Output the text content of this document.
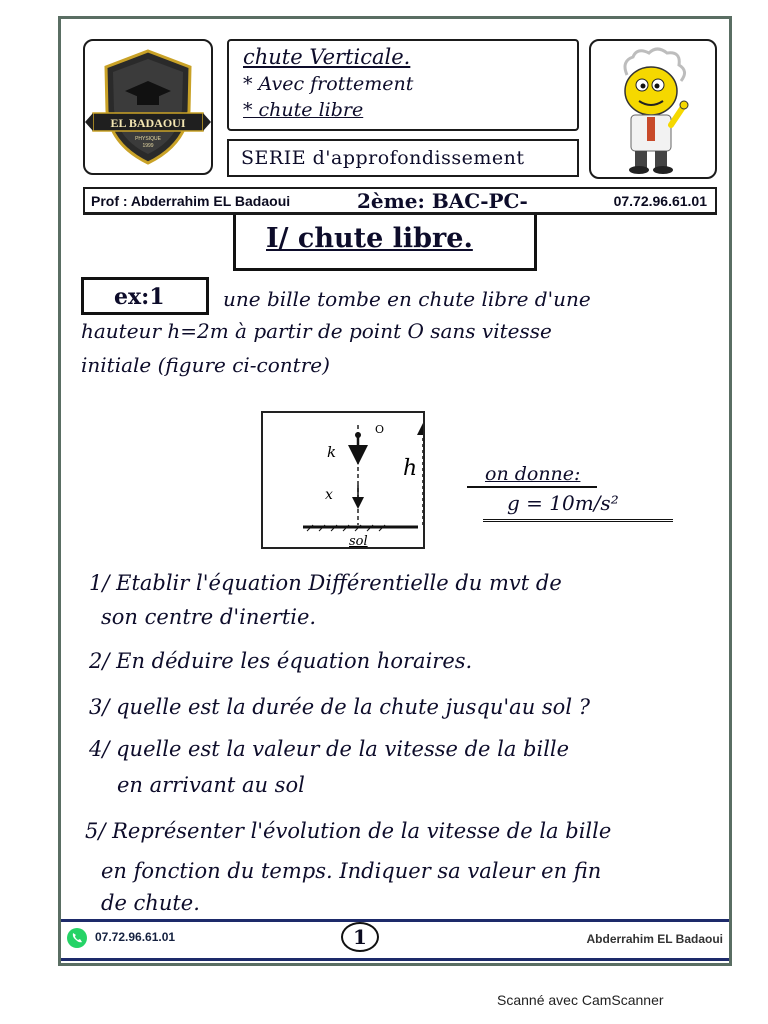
EL BADAOUI
PHYSIQUE
1999
chute Verticale.
* Avec frottement
* chute libre
SERIE d'approfondissement
Prof : Abderrahim EL Badaoui	2ème: BAC-PC-	07.72.96.61.01
I/ chute libre.
ex:1	une bille tombe en chute libre d'une
hauteur h=2m à partir de point O sans vitesse
initiale (figure ci-contre)
O
k
x
h
sol
on donne:
g = 10m/s²
1/ Etablir l'équation Différentielle du mvt de
son centre d'inertie.
2/ En déduire les équation horaires.
3/ quelle est la durée de la chute jusqu'au sol ?
4/ quelle est la valeur de la vitesse de la bille
en arrivant au sol
5/ Représenter l'évolution de la vitesse de la bille
en fonction du temps. Indiquer sa valeur en fin
de chute.
07.72.96.61.01	1	Abderrahim EL Badaoui
Scanné avec CamScanner
